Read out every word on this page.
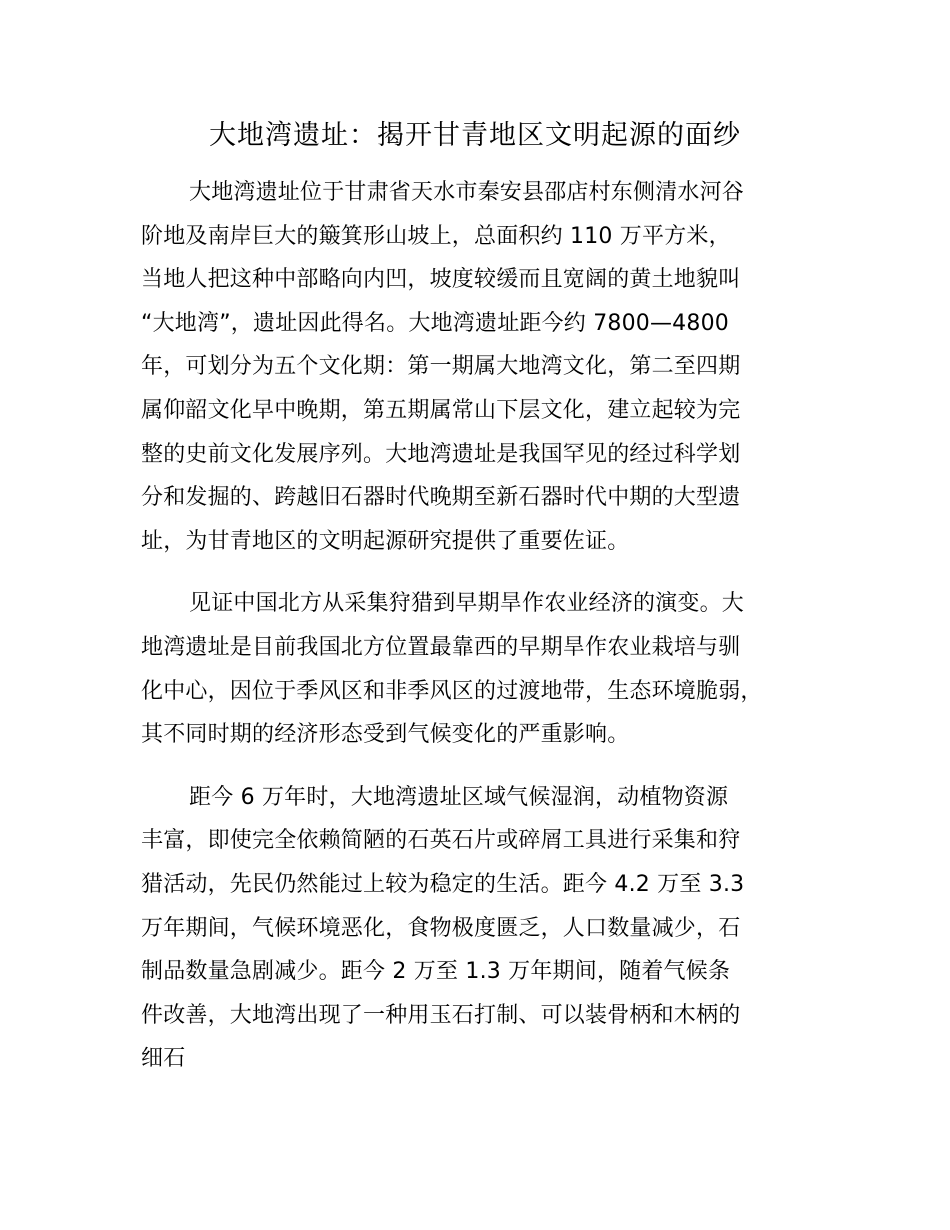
大地湾遗址：揭开甘青地区文明起源的面纱

大地湾遗址位于甘肃省天水市秦安县邵店村东侧清水河谷
阶地及南岸巨大的簸箕形山坡上，总面积约 110 万平方米，
当地人把这种中部略向内凹，坡度较缓而且宽阔的黄土地貌叫
“大地湾”，遗址因此得名。大地湾遗址距今约 7800—4800
年，可划分为五个文化期：第一期属大地湾文化，第二至四期
属仰韶文化早中晚期，第五期属常山下层文化，建立起较为完
整的史前文化发展序列。大地湾遗址是我国罕见的经过科学划
分和发掘的、跨越旧石器时代晚期至新石器时代中期的大型遗
址，为甘青地区的文明起源研究提供了重要佐证。

见证中国北方从采集狩猎到早期旱作农业经济的演变。大
地湾遗址是目前我国北方位置最靠西的早期旱作农业栽培与驯
化中心，因位于季风区和非季风区的过渡地带，生态环境脆弱，
其不同时期的经济形态受到气候变化的严重影响。

距今 6 万年时，大地湾遗址区域气候湿润，动植物资源
丰富，即使完全依赖简陋的石英石片或碎屑工具进行采集和狩
猎活动，先民仍然能过上较为稳定的生活。距今 4.2 万至 3.3
万年期间，气候环境恶化，食物极度匮乏，人口数量减少，石
制品数量急剧减少。距今 2 万至 1.3 万年期间，随着气候条
件改善，大地湾出现了一种用玉石打制、可以装骨柄和木柄的
细石
